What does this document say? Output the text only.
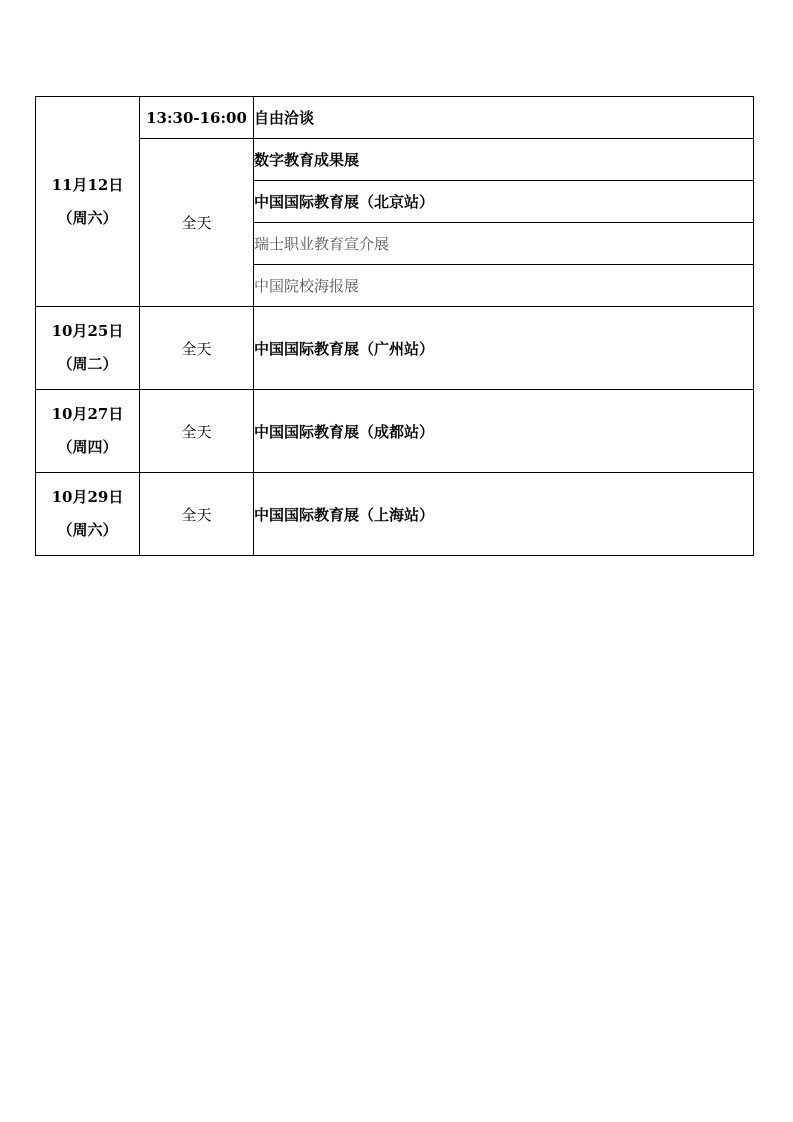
11月12日
（周六）	13:30-16:00	自由洽谈
	全天	数字教育成果展
		中国国际教育展（北京站）
		瑞士职业教育宣介展
		中国院校海报展

10月25日
（周二）	全天	中国国际教育展（广州站）

10月27日
（周四）	全天	中国国际教育展（成都站）

10月29日
（周六）	全天	中国国际教育展（上海站）
